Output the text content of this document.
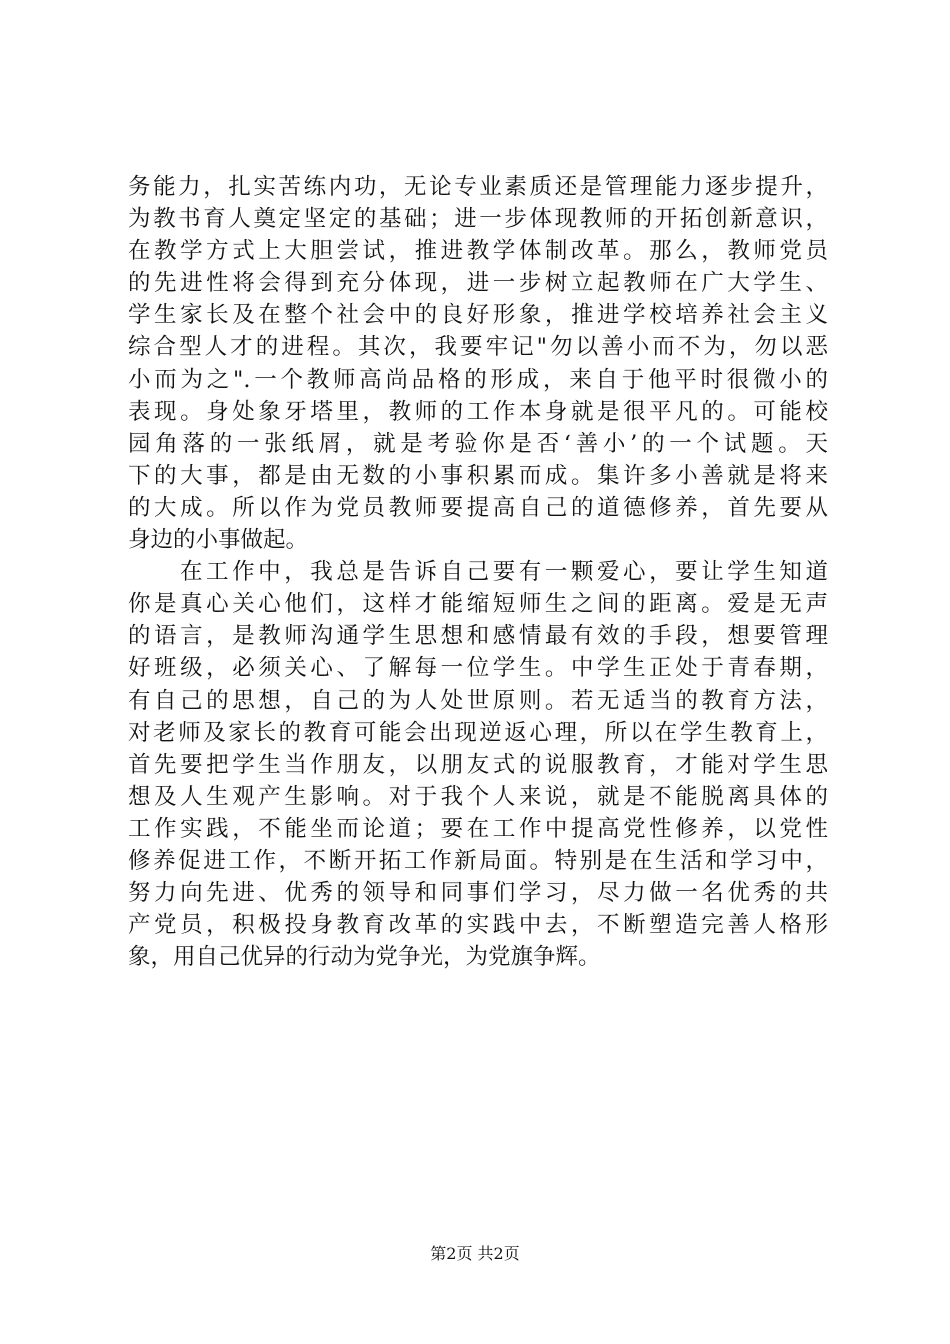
务能力，扎实苦练内功，无论专业素质还是管理能力逐步提升，
为教书育人奠定坚定的基础；进一步体现教师的开拓创新意识，
在教学方式上大胆尝试，推进教学体制改革。那么，教师党员
的先进性将会得到充分体现，进一步树立起教师在广大学生、
学生家长及在整个社会中的良好形象，推进学校培养社会主义
综合型人才的进程。其次，我要牢记"勿以善小而不为，勿以恶
小而为之".一个教师高尚品格的形成，来自于他平时很微小的
表现。身处象牙塔里，教师的工作本身就是很平凡的。可能校
园角落的一张纸屑，就是考验你是否‘善小’的一个试题。天
下的大事，都是由无数的小事积累而成。集许多小善就是将来
的大成。所以作为党员教师要提高自己的道德修养，首先要从
身边的小事做起。
在工作中，我总是告诉自己要有一颗爱心，要让学生知道
你是真心关心他们，这样才能缩短师生之间的距离。爱是无声
的语言，是教师沟通学生思想和感情最有效的手段，想要管理
好班级，必须关心、了解每一位学生。中学生正处于青春期，
有自己的思想，自己的为人处世原则。若无适当的教育方法，
对老师及家长的教育可能会出现逆返心理，所以在学生教育上，
首先要把学生当作朋友，以朋友式的说服教育，才能对学生思
想及人生观产生影响。对于我个人来说，就是不能脱离具体的
工作实践，不能坐而论道；要在工作中提高党性修养，以党性
修养促进工作，不断开拓工作新局面。特别是在生活和学习中，
努力向先进、优秀的领导和同事们学习，尽力做一名优秀的共
产党员，积极投身教育改革的实践中去，不断塑造完善人格形
象，用自己优异的行动为党争光，为党旗争辉。
第2页 共2页
